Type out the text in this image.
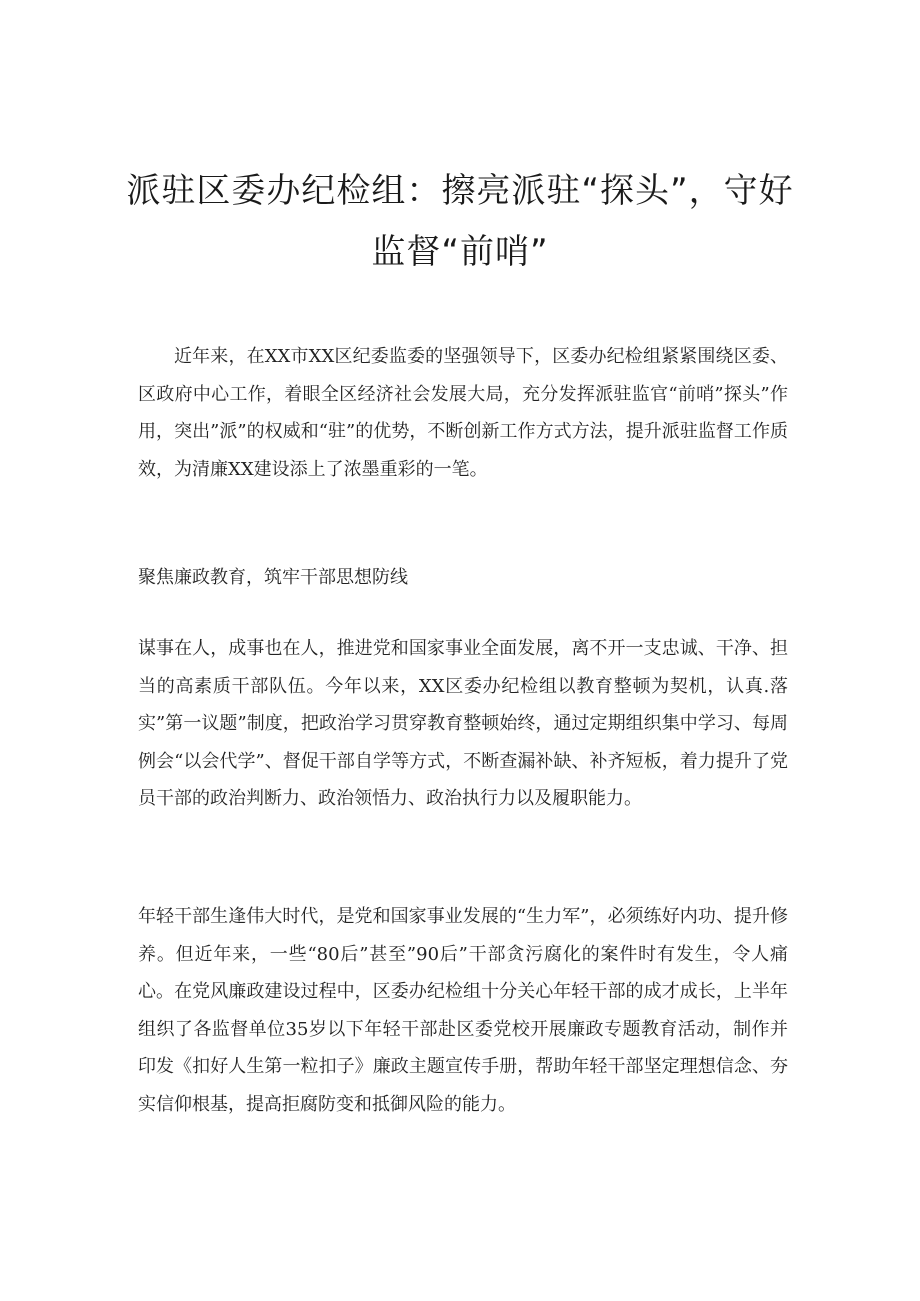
派驻区委办纪检组：擦亮派驻“探头”，守好
监督“前哨”

近年来，在XX市XX区纪委监委的坚强领导下，区委办纪检组紧紧围绕区委、区政府中心工作，着眼全区经济社会发展大局，充分发挥派驻监官“前哨”探头”作用，突出”派”的权威和“驻”的优势，不断创新工作方式方法，提升派驻监督工作质效，为清廉XX建设添上了浓墨重彩的一笔。

聚焦廉政教育，筑牢干部思想防线

谋事在人，成事也在人，推进党和国家事业全面发展，离不开一支忠诚、干净、担当的高素质干部队伍。今年以来，XX区委办纪检组以教育整顿为契机，认真.落实”第一议题”制度，把政治学习贯穿教育整顿始终，通过定期组织集中学习、每周例会“以会代学”、督促干部自学等方式，不断查漏补缺、补齐短板，着力提升了党员干部的政治判断力、政治领悟力、政治执行力以及履职能力。

年轻干部生逢伟大时代，是党和国家事业发展的“生力军”，必须练好内功、提升修养。但近年来，一些“80后”甚至”90后”干部贪污腐化的案件时有发生，令人痛心。在党风廉政建设过程中，区委办纪检组十分关心年轻干部的成才成长，上半年组织了各监督单位35岁以下年轻干部赴区委党校开展廉政专题教育活动，制作并印发《扣好人生第一粒扣子》廉政主题宣传手册，帮助年轻干部坚定理想信念、夯实信仰根基，提高拒腐防变和抵御风险的能力。
